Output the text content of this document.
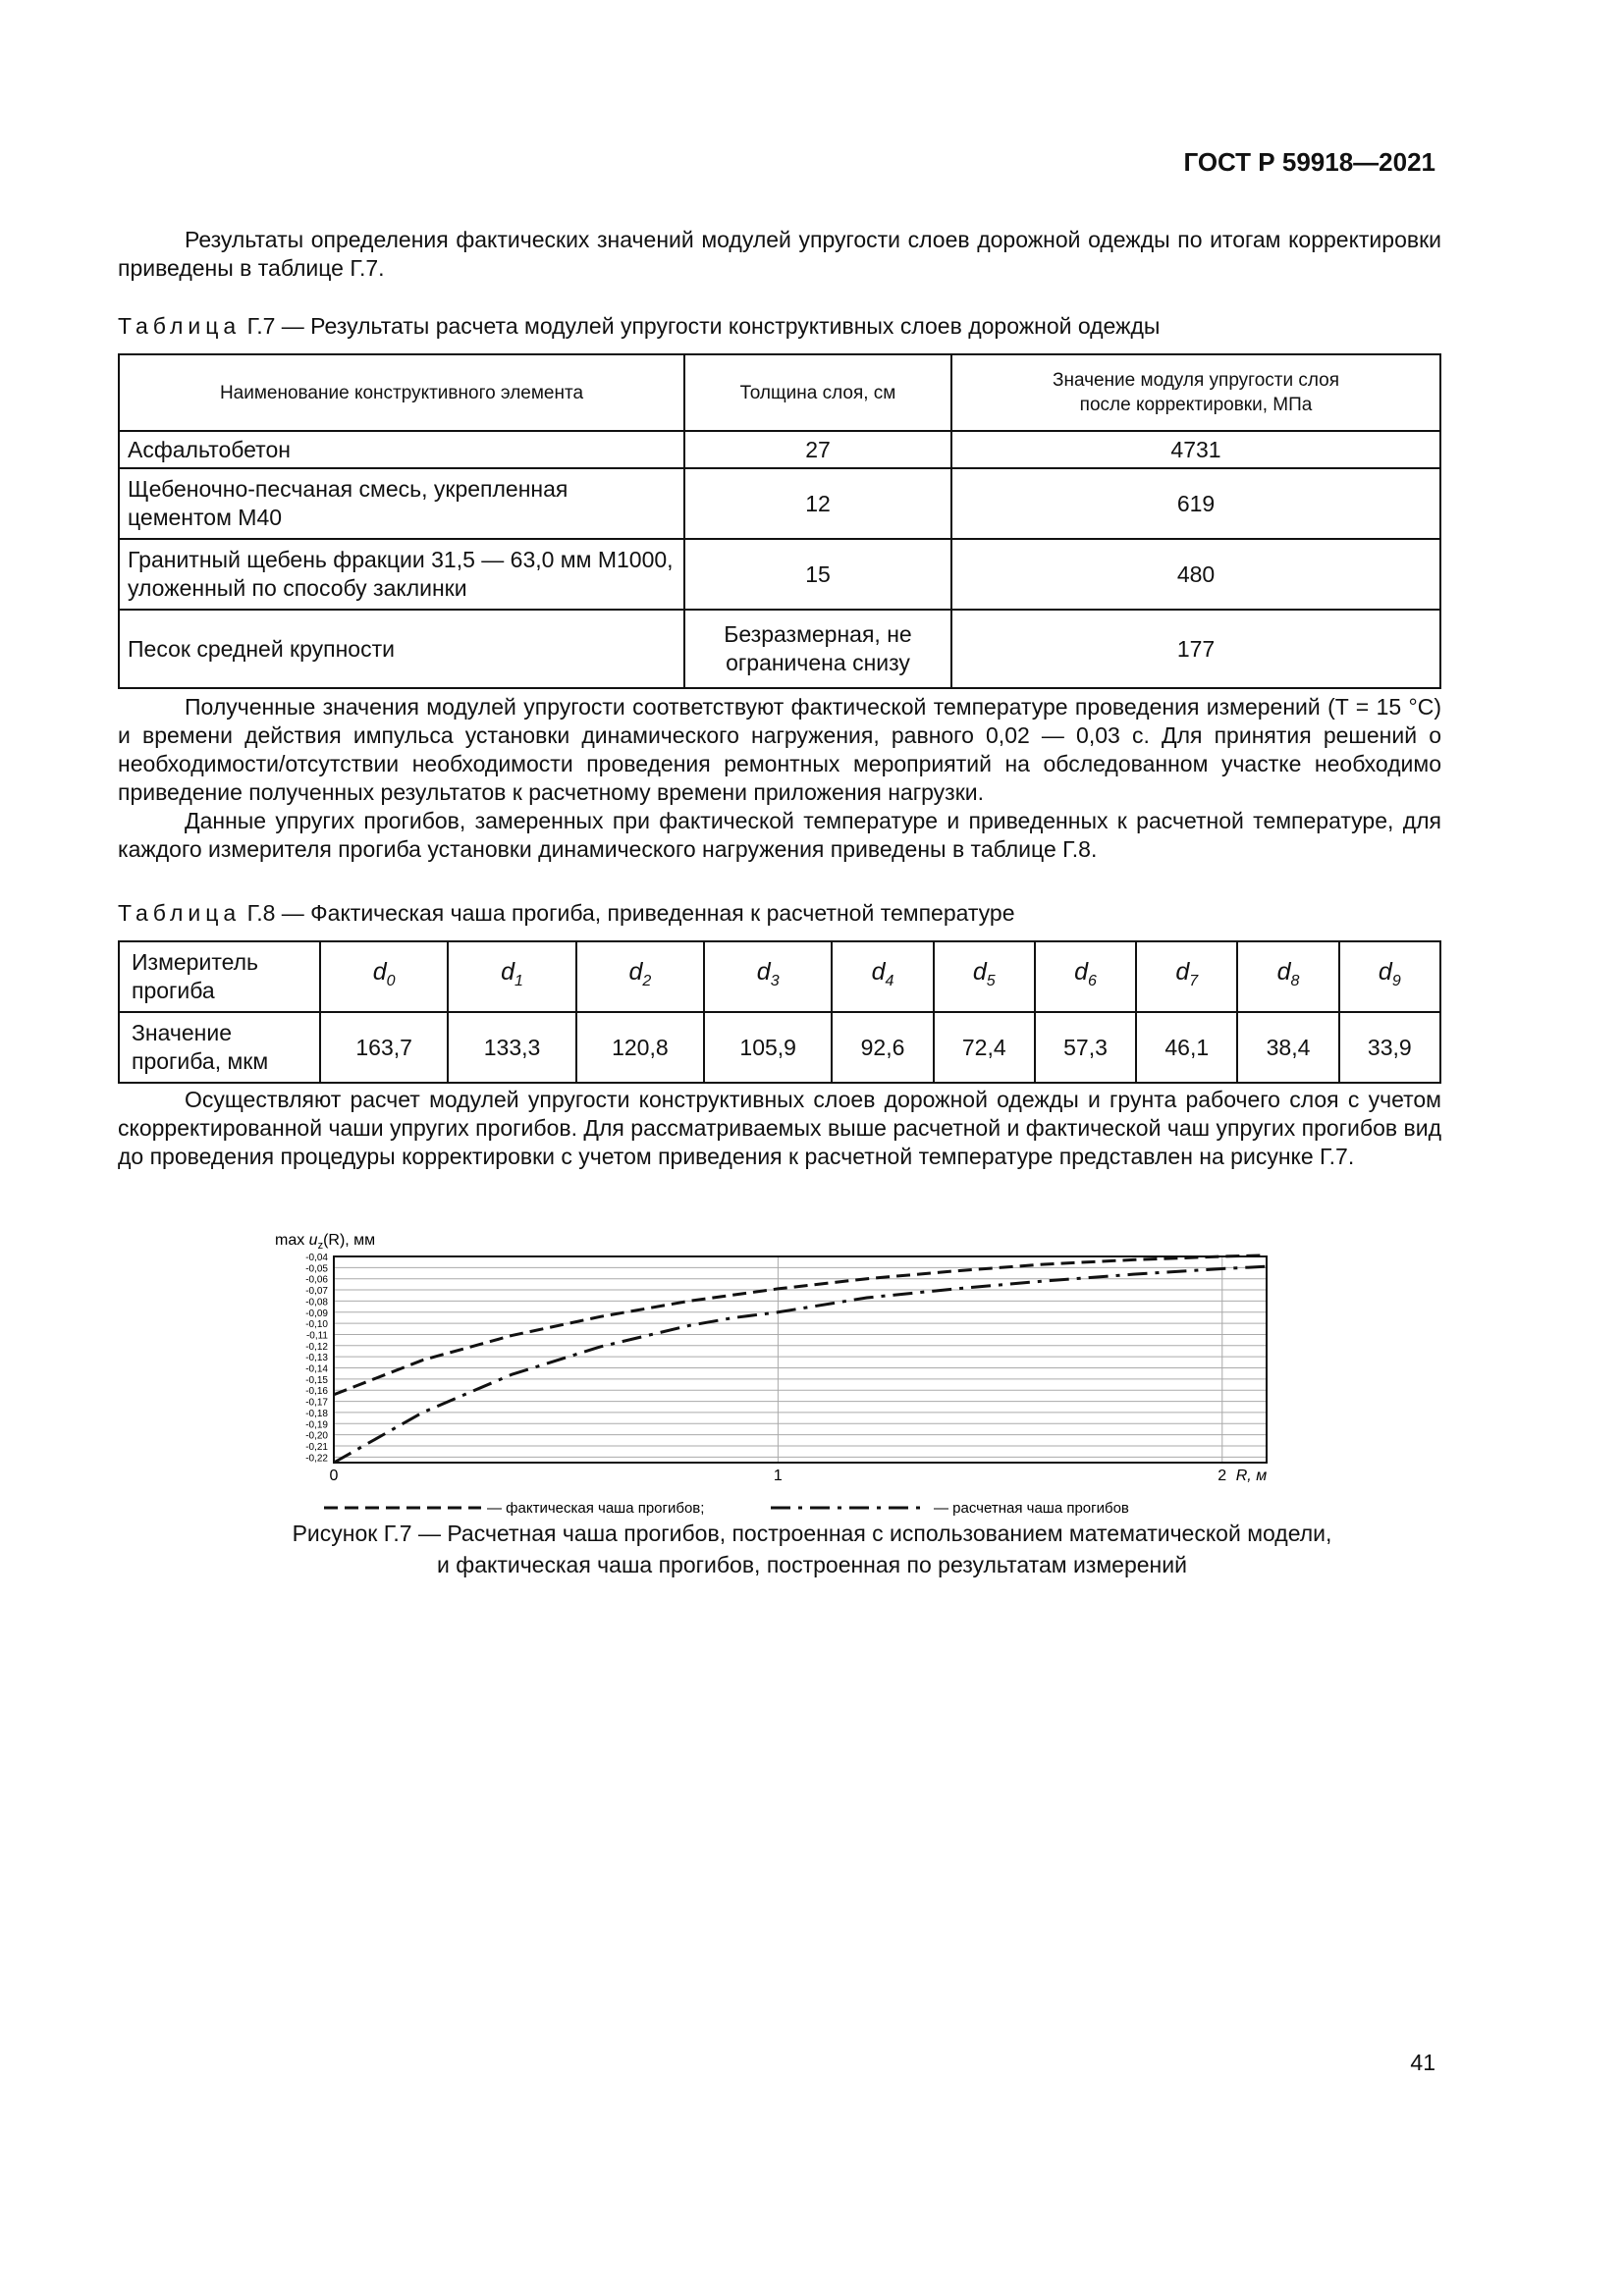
ГОСТ Р 59918—2021

Результаты определения фактических значений модулей упругости слоев дорожной одежды по итогам корректировки приведены в таблице Г.7.

Таблица Г.7 — Результаты расчета модулей упругости конструктивных слоев дорожной одежды
Наименование конструктивного элемента	Толщина слоя, см	Значение модуля упругости слоя после корректировки, МПа
Асфальтобетон	27	4731
Щебеночно-песчаная смесь, укрепленная цементом М40	12	619
Гранитный щебень фракции 31,5 — 63,0 мм М1000, уложенный по способу заклинки	15	480
Песок средней крупности	Безразмерная, не ограничена снизу	177

Полученные значения модулей упругости соответствуют фактической температуре проведения измерений (T = 15 °С) и времени действия импульса установки динамического нагружения, равного 0,02 — 0,03 с. Для принятия решений о необходимости/отсутствии необходимости проведения ремонтных мероприятий на обследованном участке необходимо приведение полученных результатов к расчетному времени приложения нагрузки.

Данные упругих прогибов, замеренных при фактической температуре и приведенных к расчетной температуре, для каждого измерителя прогиба установки динамического нагружения приведены в таблице Г.8.

Таблица Г.8 — Фактическая чаша прогиба, приведенная к расчетной температуре
Измеритель прогиба	$d_0$	$d_1$	$d_2$	$d_3$	$d_4$	$d_5$	$d_6$	$d_7$	$d_8$	$d_9$
Значение прогиба, мкм	163,7	133,3	120,8	105,9	92,6	72,4	57,3	46,1	38,4	33,9

Осуществляют расчет модулей упругости конструктивных слоев дорожной одежды и грунта рабочего слоя с учетом скорректированной чаши упругих прогибов. Для рассматриваемых выше расчетной и фактической чаш упругих прогибов вид до проведения процедуры корректировки с учетом приведения к расчетной температуре представлен на рисунке Г.7.

-0,04
-0,05
-0,06
-0,07
-0,08
-0,09
-0,10
-0,11
-0,12
-0,13
-0,14
-0,15
-0,16
-0,17
-0,18
-0,19
-0,20
-0,21
-0,22
0	1	2 R, м
$\max u_z(R)$, мм
— фактическая чаша прогибов;	— расчетная чаша прогибов
Рисунок Г.7 — Расчетная чаша прогибов, построенная с использованием математической модели,
и фактическая чаша прогибов, построенная по результатам измерений
41
